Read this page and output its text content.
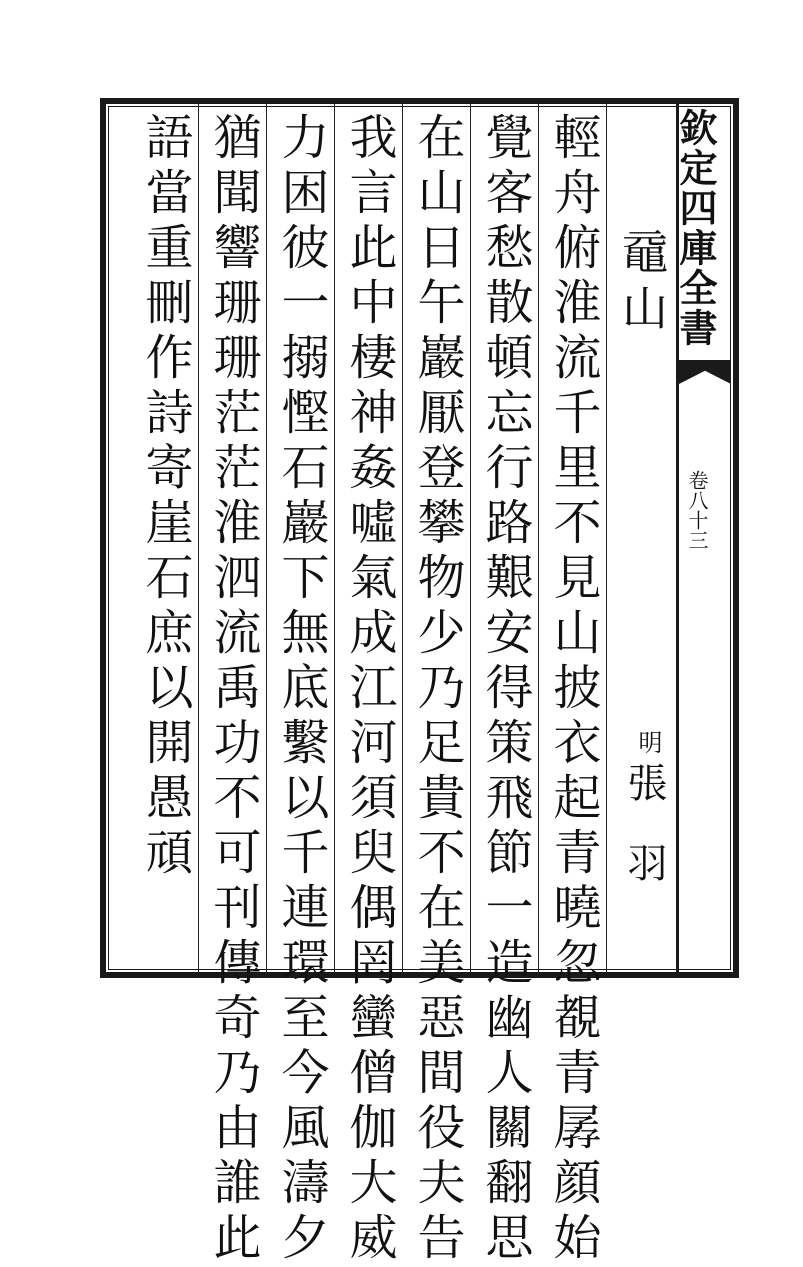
欽定四庫全書
卷八十三
黿山
明
張羽
輕舟俯淮流千里不見山披衣起青曉忽覩青孱顔始
覺客愁散頓忘行路艱安得策飛節一造幽人關翻思
在山日午巖厭登攀物少乃足貴不在美惡間役夫告
我言此中棲神姦噓氣成江河須臾偶罔蠻僧伽大威
力困彼一搦慳石巖下無底繫以千連環至今風濤夕
猶聞響珊珊茫茫淮泗流禹功不可刊傳奇乃由誰此
語當重刪作詩寄崖石庶以開愚頑
